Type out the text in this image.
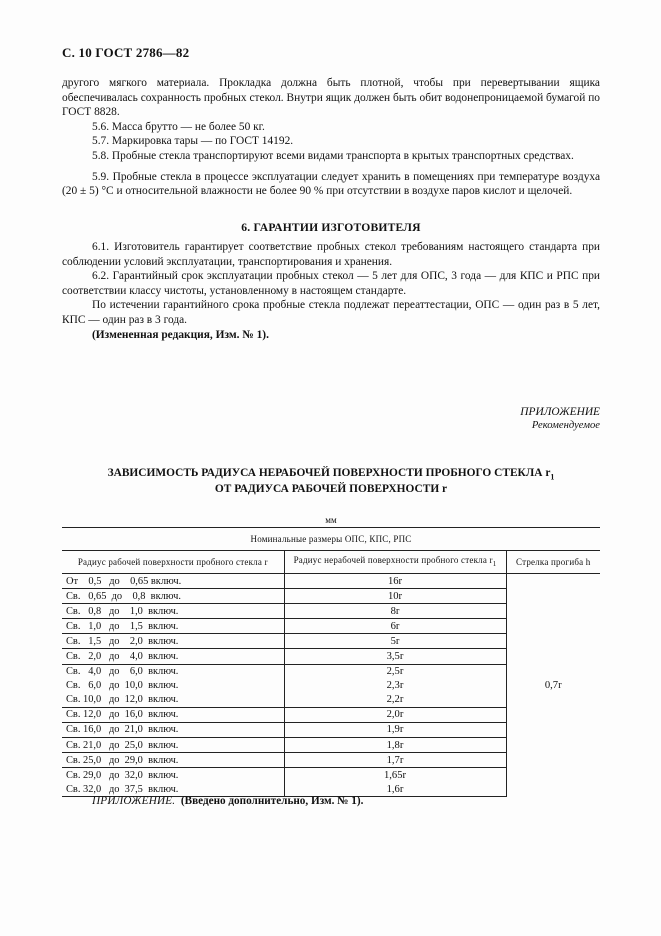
С. 10 ГОСТ 2786—82

другого мягкого материала. Прокладка должна быть плотной, чтобы при перевертывании ящика обеспечивалась сохранность пробных стекол. Внутри ящик должен быть обит водонепроницаемой бумагой по ГОСТ 8828.

5.6. Масса брутто — не более 50 кг.

5.7. Маркировка тары — по ГОСТ 14192.

5.8. Пробные стекла транспортируют всеми видами транспорта в крытых транспортных средствах.

5.9. Пробные стекла в процессе эксплуатации следует хранить в помещениях при температуре воздуха (20 ± 5) °С и относительной влажности не более 90 % при отсутствии в воздухе паров кислот и щелочей.

6. ГАРАНТИИ ИЗГОТОВИТЕЛЯ

6.1. Изготовитель гарантирует соответствие пробных стекол требованиям настоящего стандарта при соблюдении условий эксплуатации, транспортирования и хранения.

6.2. Гарантийный срок эксплуатации пробных стекол — 5 лет для ОПС, 3 года — для КПС и РПС при соответствии классу чистоты, установленному в настоящем стандарте.

По истечении гарантийного срока пробные стекла подлежат переаттестации, ОПС — один раз в 5 лет, КПС — один раз в 3 года.

(Измененная редакция, Изм. № 1).

ПРИЛОЖЕНИЕ
Рекомендуемое
ЗАВИСИМОСТЬ РАДИУСА НЕРАБОЧЕЙ ПОВЕРХНОСТИ ПРОБНОГО СТЕКЛА $r_1$
ОТ РАДИУСА РАБОЧЕЙ ПОВЕРХНОСТИ r
мм
Номинальные размеры ОПС, КПС, РПС		
Радиус рабочей поверхности пробного стекла r	Радиус нерабочей поверхности пробного стекла $r_1$	Стрелка прогиба h
От    0,5   до    0,65 включ.	16r	0,7r
Св.   0,65  до    0,8  включ.	10r	
Св.   0,8   до    1,0  включ.	8r	
Св.   1,0   до    1,5  включ.	6r	
Св.   1,5   до    2,0  включ.	5r	
Св.   2,0   до    4,0  включ.	3,5r	
Св.   4,0   до    6,0  включ.	2,5r	
Св.   6,0   до  10,0  включ.	2,3r	
Св. 10,0   до  12,0  включ.	2,2r	
Св. 12,0   до  16,0  включ.	2,0r	
Св. 16,0   до  21,0  включ.	1,9r	
Св. 21,0   до  25,0  включ.	1,8r	
Св. 25,0   до  29,0  включ.	1,7r	
Св. 29,0   до  32,0  включ.	1,65r	
Св. 32,0   до  37,5  включ.	1,6r	
ПРИЛОЖЕНИЕ. (Введено дополнительно, Изм. № 1).
